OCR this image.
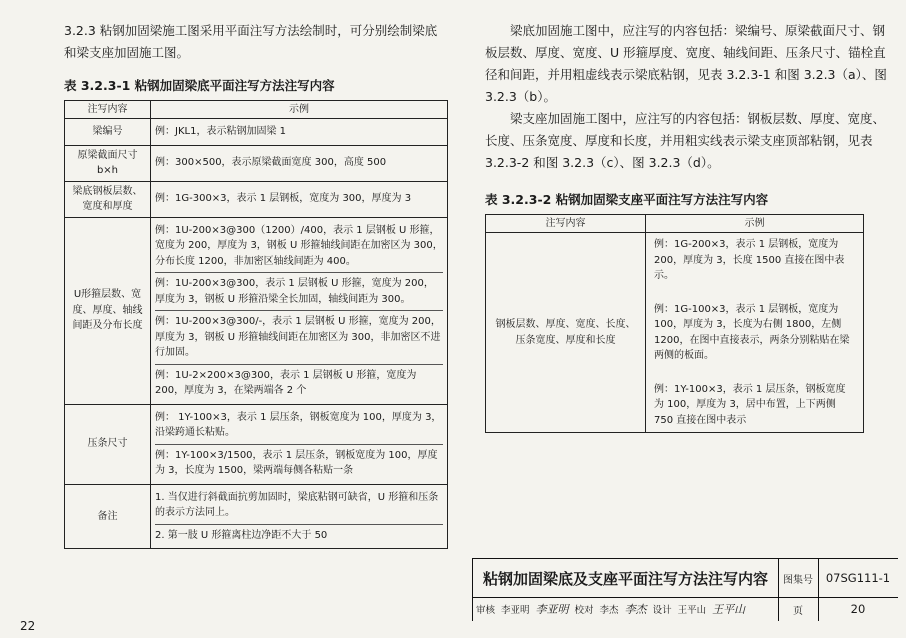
3.2.3 粘钢加固梁施工图采用平面注写方法绘制时，可分别绘制梁底和梁支座加固施工图。

表 3.2.3-1 粘钢加固梁底平面注写方法注写内容

注写内容	示例
梁编号	例：JKL1，表示粘钢加固梁 1

原梁截面尺寸
b×h	例：300×500，表示原梁截面宽度 300，高度 500

梁底钢板层数、宽度和厚度	例：1G-300×3，表示 1 层钢板，宽度为 300，厚度为 3

U形箍层数、宽度、厚度、轴线间距及分布长度	例：1U-200×3@300（1200）/400，表示 1 层钢板 U 形箍，宽度为 200，厚度为 3，钢板 U 形箍轴线间距在加密区为 300，分布长度 1200，非加密区轴线间距为 400。
例：1U-200×3@300，表示 1 层钢板 U 形箍，宽度为 200，厚度为 3，钢板 U 形箍沿梁全长加固，轴线间距为 300。
例：1U-200×3@300/-，表示 1 层钢板 U 形箍，宽度为 200，厚度为 3，钢板 U 形箍轴线间距在加密区为 300，非加密区不进行加固。
例：1U-2×200×3@300，表示 1 层钢板 U 形箍，宽度为 200，厚度为 3，在梁两端各 2 个

压条尺寸	例： 1Y-100×3，表示 1 层压条，钢板宽度为 100，厚度为 3，沿梁跨通长粘贴。
例：1Y-100×3/1500，表示 1 层压条，钢板宽度为 100，厚度为 3，长度为 1500，梁两端每侧各粘贴一条

备注	1. 当仅进行斜截面抗剪加固时，梁底粘钢可缺省，U 形箍和压条的表示方法同上。
2. 第一肢 U 形箍离柱边净距不大于 50

梁底加固施工图中，应注写的内容包括：梁编号、原梁截面尺寸、钢板层数、厚度、宽度、U 形箍厚度、宽度、轴线间距、压条尺寸、锚栓直径和间距，并用粗虚线表示梁底粘钢，见表 3.2.3-1 和图 3.2.3（a）、图 3.2.3（b）。

梁支座加固施工图中，应注写的内容包括：钢板层数、厚度、宽度、长度、压条宽度、厚度和长度，并用粗实线表示梁支座顶部粘钢，见表 3.2.3-2 和图 3.2.3（c）、图 3.2.3（d）。

表 3.2.3-2 粘钢加固梁支座平面注写方法注写内容

注写内容	示例
钢板层数、厚度、宽度、长度、压条宽度、厚度和长度	例：1G-200×3，表示 1 层钢板，宽度为 200，厚度为 3，长度 1500 直接在图中表示。
例：1G-100×3，表示 1 层钢板，宽度为 100，厚度为 3，长度为右侧 1800，左侧 1200，在图中直接表示，两条分别粘贴在梁两侧的板面。
例：1Y-100×3，表示 1 层压条，钢板宽度为 100，厚度为 3，居中布置，上下两侧 750 直接在图中表示
粘钢加固梁底及支座平面注写方法注写内容	图集号	07SG111-1
审核 李亚明 李亚明 校对 李杰 李杰 设计 王平山 王平山	页	20
22
